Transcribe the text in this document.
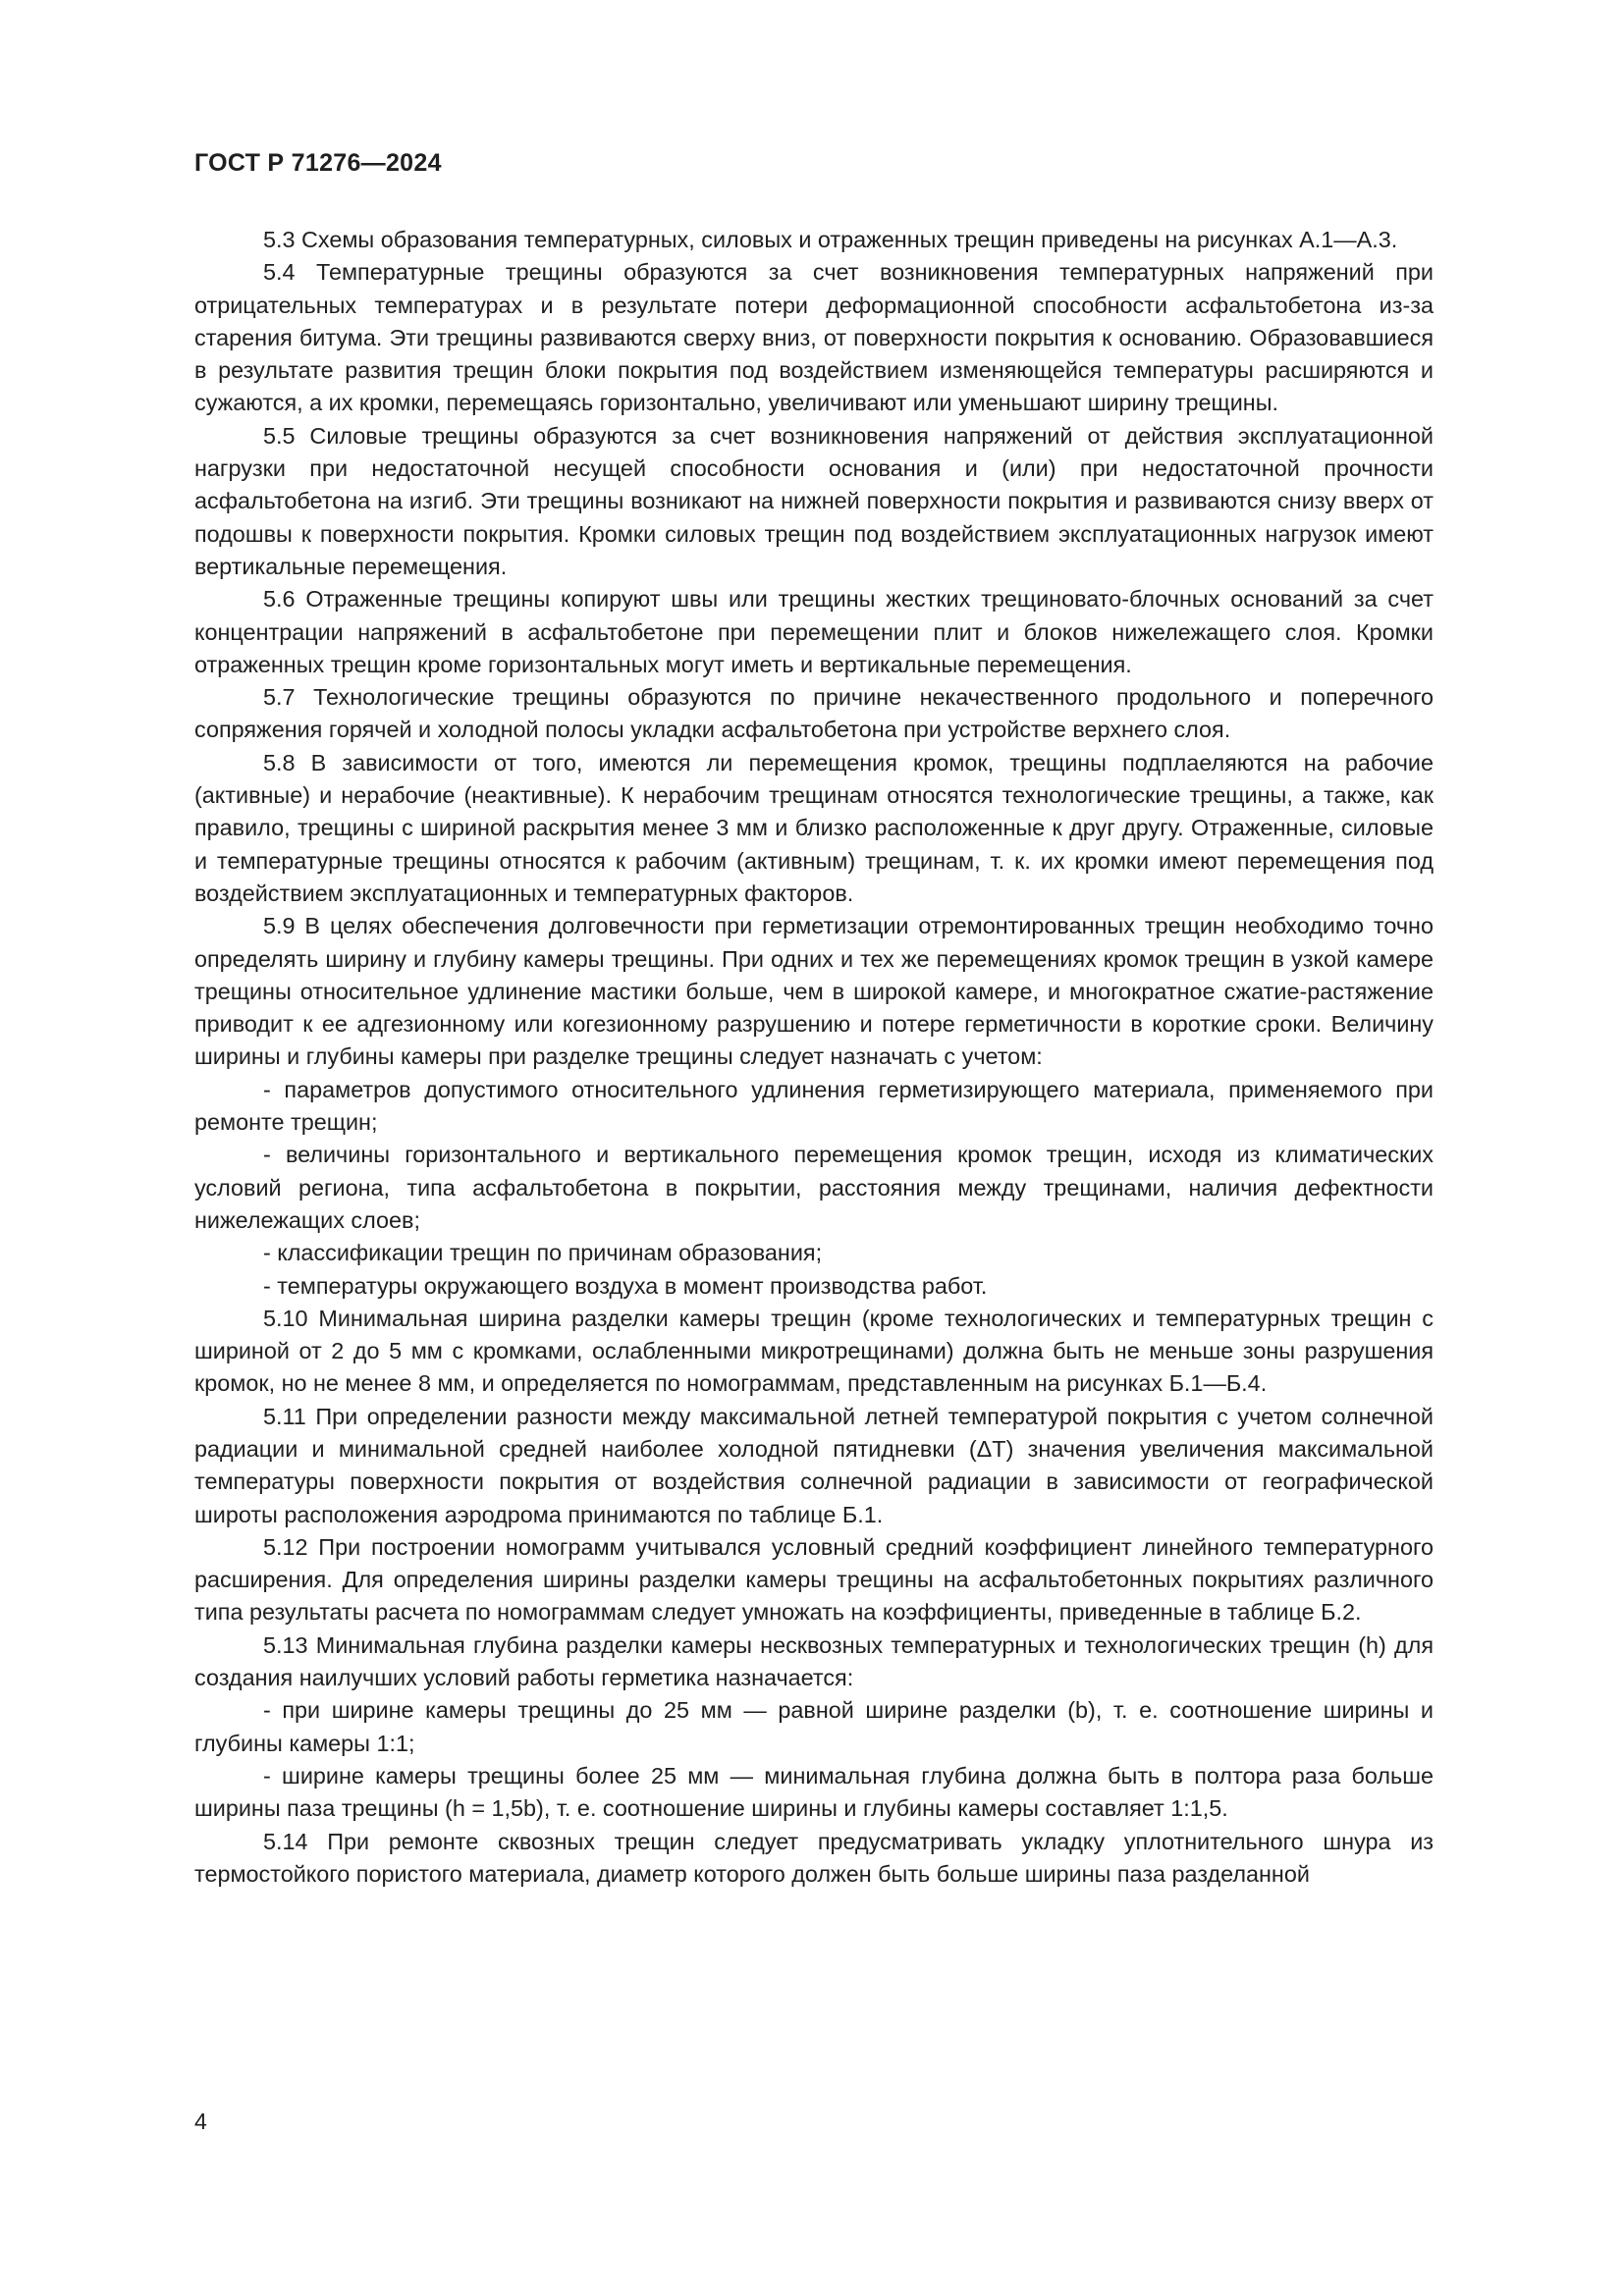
ГОСТ Р 71276—2024

5.3 Схемы образования температурных, силовых и отраженных трещин приведены на рисунках А.1—А.3.

5.4 Температурные трещины образуются за счет возникновения температурных напряжений при отрицательных температурах и в результате потери деформационной способности асфальтобетона из-за старения битума. Эти трещины развиваются сверху вниз, от поверхности покрытия к основанию. Образовавшиеся в результате развития трещин блоки покрытия под воздействием изменяющейся температуры расширяются и сужаются, а их кромки, перемещаясь горизонтально, увеличивают или уменьшают ширину трещины.

5.5 Силовые трещины образуются за счет возникновения напряжений от действия эксплуатационной нагрузки при недостаточной несущей способности основания и (или) при недостаточной прочности асфальтобетона на изгиб. Эти трещины возникают на нижней поверхности покрытия и развиваются снизу вверх от подошвы к поверхности покрытия. Кромки силовых трещин под воздействием эксплуатационных нагрузок имеют вертикальные перемещения.

5.6 Отраженные трещины копируют швы или трещины жестких трещиновато-блочных оснований за счет концентрации напряжений в асфальтобетоне при перемещении плит и блоков нижележащего слоя. Кромки отраженных трещин кроме горизонтальных могут иметь и вертикальные перемещения.

5.7 Технологические трещины образуются по причине некачественного продольного и поперечного сопряжения горячей и холодной полосы укладки асфальтобетона при устройстве верхнего слоя.

5.8 В зависимости от того, имеются ли перемещения кромок, трещины подплаеляются на рабочие (активные) и нерабочие (неактивные). К нерабочим трещинам относятся технологические трещины, а также, как правило, трещины с шириной раскрытия менее 3 мм и близко расположенные к друг другу. Отраженные, силовые и температурные трещины относятся к рабочим (активным) трещинам, т. к. их кромки имеют перемещения под воздействием эксплуатационных и температурных факторов.

5.9 В целях обеспечения долговечности при герметизации отремонтированных трещин необходимо точно определять ширину и глубину камеры трещины. При одних и тех же перемещениях кромок трещин в узкой камере трещины относительное удлинение мастики больше, чем в широкой камере, и многократное сжатие-растяжение приводит к ее адгезионному или когезионному разрушению и потере герметичности в короткие сроки. Величину ширины и глубины камеры при разделке трещины следует назначать с учетом:

- параметров допустимого относительного удлинения герметизирующего материала, применяемого при ремонте трещин;

- величины горизонтального и вертикального перемещения кромок трещин, исходя из климатических условий региона, типа асфальтобетона в покрытии, расстояния между трещинами, наличия дефектности нижележащих слоев;

- классификации трещин по причинам образования;

- температуры окружающего воздуха в момент производства работ.

5.10 Минимальная ширина разделки камеры трещин (кроме технологических и температурных трещин с шириной от 2 до 5 мм с кромками, ослабленными микротрещинами) должна быть не меньше зоны разрушения кромок, но не менее 8 мм, и определяется по номограммам, представленным на рисунках Б.1—Б.4.

5.11 При определении разности между максимальной летней температурой покрытия с учетом солнечной радиации и минимальной средней наиболее холодной пятидневки (ΔT) значения увеличения максимальной температуры поверхности покрытия от воздействия солнечной радиации в зависимости от географической широты расположения аэродрома принимаются по таблице Б.1.

5.12 При построении номограмм учитывался условный средний коэффициент линейного температурного расширения. Для определения ширины разделки камеры трещины на асфальтобетонных покрытиях различного типа результаты расчета по номограммам следует умножать на коэффициенты, приведенные в таблице Б.2.

5.13 Минимальная глубина разделки камеры несквозных температурных и технологических трещин (h) для создания наилучших условий работы герметика назначается:

- при ширине камеры трещины до 25 мм — равной ширине разделки (b), т. е. соотношение ширины и глубины камеры 1:1;

- ширине камеры трещины более 25 мм — минимальная глубина должна быть в полтора раза больше ширины паза трещины (h = 1,5b), т. е. соотношение ширины и глубины камеры составляет 1:1,5.

5.14 При ремонте сквозных трещин следует предусматривать укладку уплотнительного шнура из термостойкого пористого материала, диаметр которого должен быть больше ширины паза разделанной

4
